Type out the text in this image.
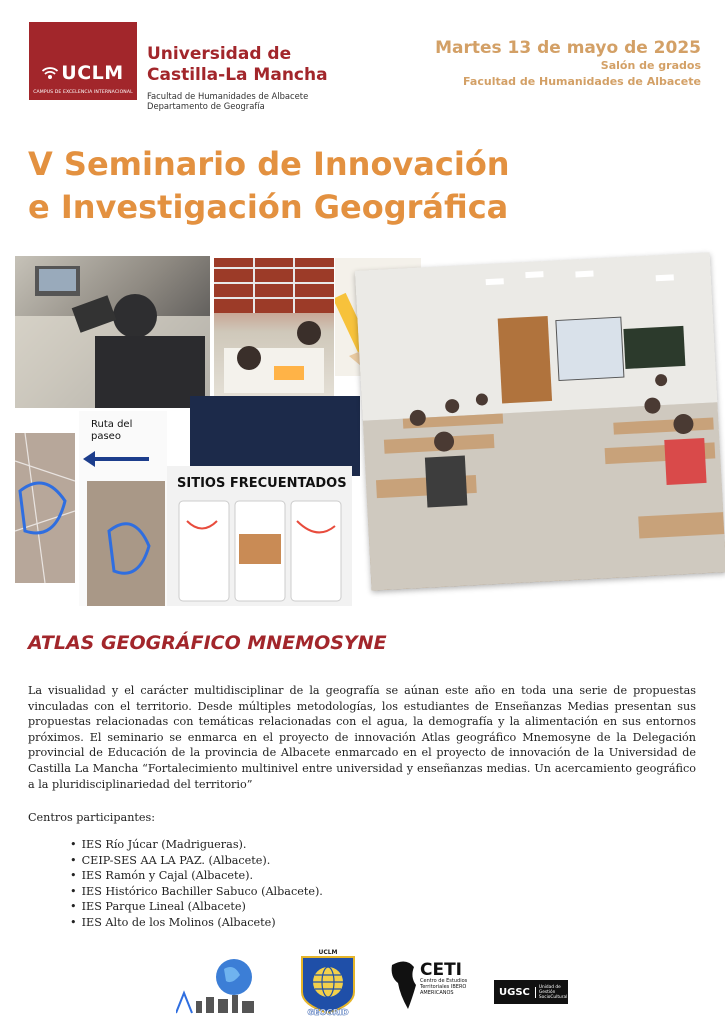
UCLM
CAMPUS DE EXCELENCIA INTERNACIONAL
Universidad de
Castilla-La Mancha
Facultad de Humanidades de Albacete
Departamento de Geografía
Martes 13 de mayo de 2025
Salón de grados
Facultad de Humanidades de Albacete
V Seminario de Innovación
e Investigación Geográfica
Ruta del
paseo
SITIOS FRECUENTADOS
ATLAS GEOGRÁFICO MNEMOSYNE
La visualidad y el carácter multidisciplinar de la geografía se aúnan este año en toda una serie de propuestas vinculadas con el territorio. Desde múltiples metodologías, los estudiantes de Enseñanzas Medias presentan sus propuestas relacionadas con temáticas relacionadas con el agua, la demografía y la alimentación en sus entornos próximos. El seminario se enmarca en el proyecto de innovación Atlas geográfico Mnemosyne de la Delegación provincial de Educación de la provincia de Albacete enmarcado en el proyecto de innovación de la Universidad de Castilla La Mancha “Fortalecimiento multinivel entre universidad y enseñanzas medias. Un acercamiento geográfico a la pluridisciplinariedad del territorio”
Centros participantes:
• IES Río Júcar (Madrigueras).
• CEIP-SES AA LA PAZ. (Albacete).
• IES Ramón y Cajal (Albacete).
• IES Histórico Bachiller Sabuco (Albacete).
• IES Parque Lineal (Albacete)
• IES Alto de los Molinos (Albacete)
UCLM
GEOGRID
CETI
Centro de Estudios Territoriales IBERO AMERICANOS	UGSC	Unidad de Gestión SocioCultural
